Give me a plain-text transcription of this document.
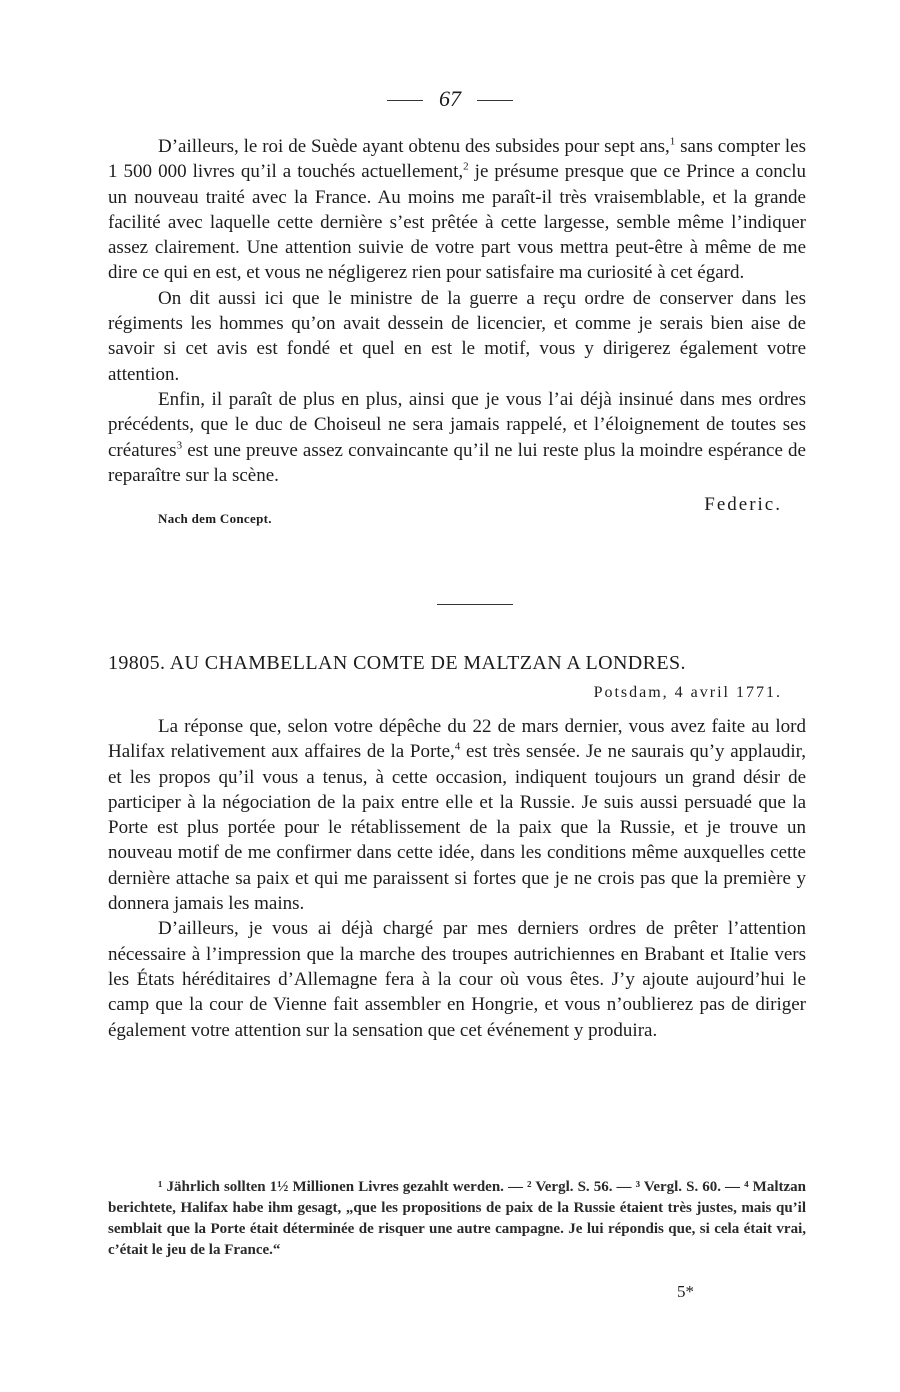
67

D’ailleurs, le roi de Suède ayant obtenu des subsides pour sept ans,$^1$ sans compter les 1 500 000 livres qu’il a touchés actuellement,$^2$ je présume presque que ce Prince a conclu un nouveau traité avec la France. Au moins me paraît-il très vraisemblable, et la grande facilité avec laquelle cette dernière s’est prêtée à cette largesse, semble même l’indiquer assez clairement. Une attention suivie de votre part vous mettra peut-être à même de me dire ce qui en est, et vous ne négligerez rien pour satisfaire ma curiosité à cet égard.

On dit aussi ici que le ministre de la guerre a reçu ordre de conserver dans les régiments les hommes qu’on avait dessein de licencier, et comme je serais bien aise de savoir si cet avis est fondé et quel en est le motif, vous y dirigerez également votre attention.

Enfin, il paraît de plus en plus, ainsi que je vous l’ai déjà insinué dans mes ordres précédents, que le duc de Choiseul ne sera jamais rappelé, et l’éloignement de toutes ses créatures$^3$ est une preuve assez convaincante qu’il ne lui reste plus la moindre espérance de reparaître sur la scène.

Nach dem Concept.
Federic.
19805. AU CHAMBELLAN COMTE DE MALTZAN A LONDRES.
Potsdam, 4 avril 1771.

La réponse que, selon votre dépêche du 22 de mars dernier, vous avez faite au lord Halifax relativement aux affaires de la Porte,$^4$ est très sensée. Je ne saurais qu’y applaudir, et les propos qu’il vous a tenus, à cette occasion, indiquent toujours un grand désir de participer à la négociation de la paix entre elle et la Russie. Je suis aussi persuadé que la Porte est plus portée pour le rétablissement de la paix que la Russie, et je trouve un nouveau motif de me confirmer dans cette idée, dans les conditions même auxquelles cette dernière attache sa paix et qui me paraissent si fortes que je ne crois pas que la première y donnera jamais les mains.

D’ailleurs, je vous ai déjà chargé par mes derniers ordres de prêter l’attention nécessaire à l’impression que la marche des troupes autrichiennes en Brabant et Italie vers les États héréditaires d’Allemagne fera à la cour où vous êtes. J’y ajoute aujourd’hui le camp que la cour de Vienne fait assembler en Hongrie, et vous n’oublierez pas de diriger également votre attention sur la sensation que cet événement y produira.

¹ Jährlich sollten 1½ Millionen Livres gezahlt werden. — ² Vergl. S. 56. — ³ Vergl. S. 60. — ⁴ Maltzan berichtete, Halifax habe ihm gesagt, „que les propositions de paix de la Russie étaient très justes, mais qu’il semblait que la Porte était déterminée de risquer une autre campagne. Je lui répondis que, si cela était vrai, c’était le jeu de la France.“

5*
